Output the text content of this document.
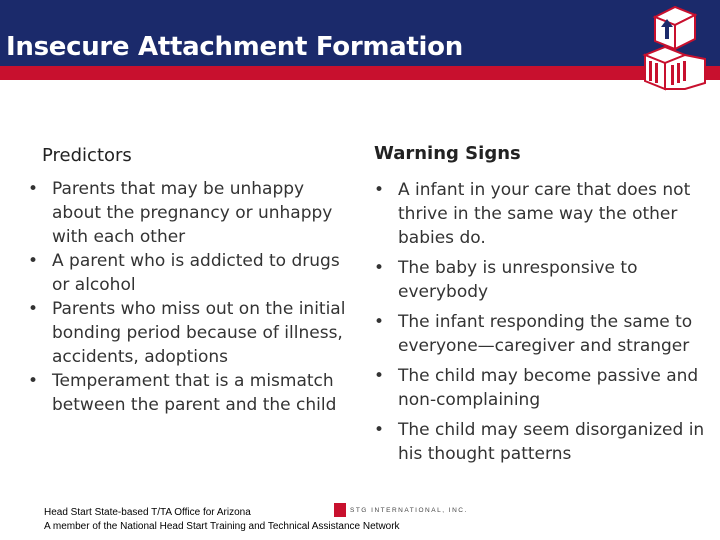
Insecure Attachment Formation
Predictors	Warning Signs
• Parents that may be unhappy about the pregnancy or unhappy with each other
• A parent who is addicted to drugs or alcohol
• Parents who miss out on the initial bonding period because of illness, accidents, adoptions
• Temperament that is a mismatch between the parent and the child
• A infant in your care that does not thrive in the same way the other babies do.
• The baby is unresponsive to everybody
• The infant responding the same to everyone—caregiver and stranger
• The child may become passive and non-complaining
• The child may seem disorganized in his thought patterns
STG INTERNATIONAL, INC.
Head Start State-based T/TA Office for Arizona
A member of the National Head Start Training and Technical Assistance Network
